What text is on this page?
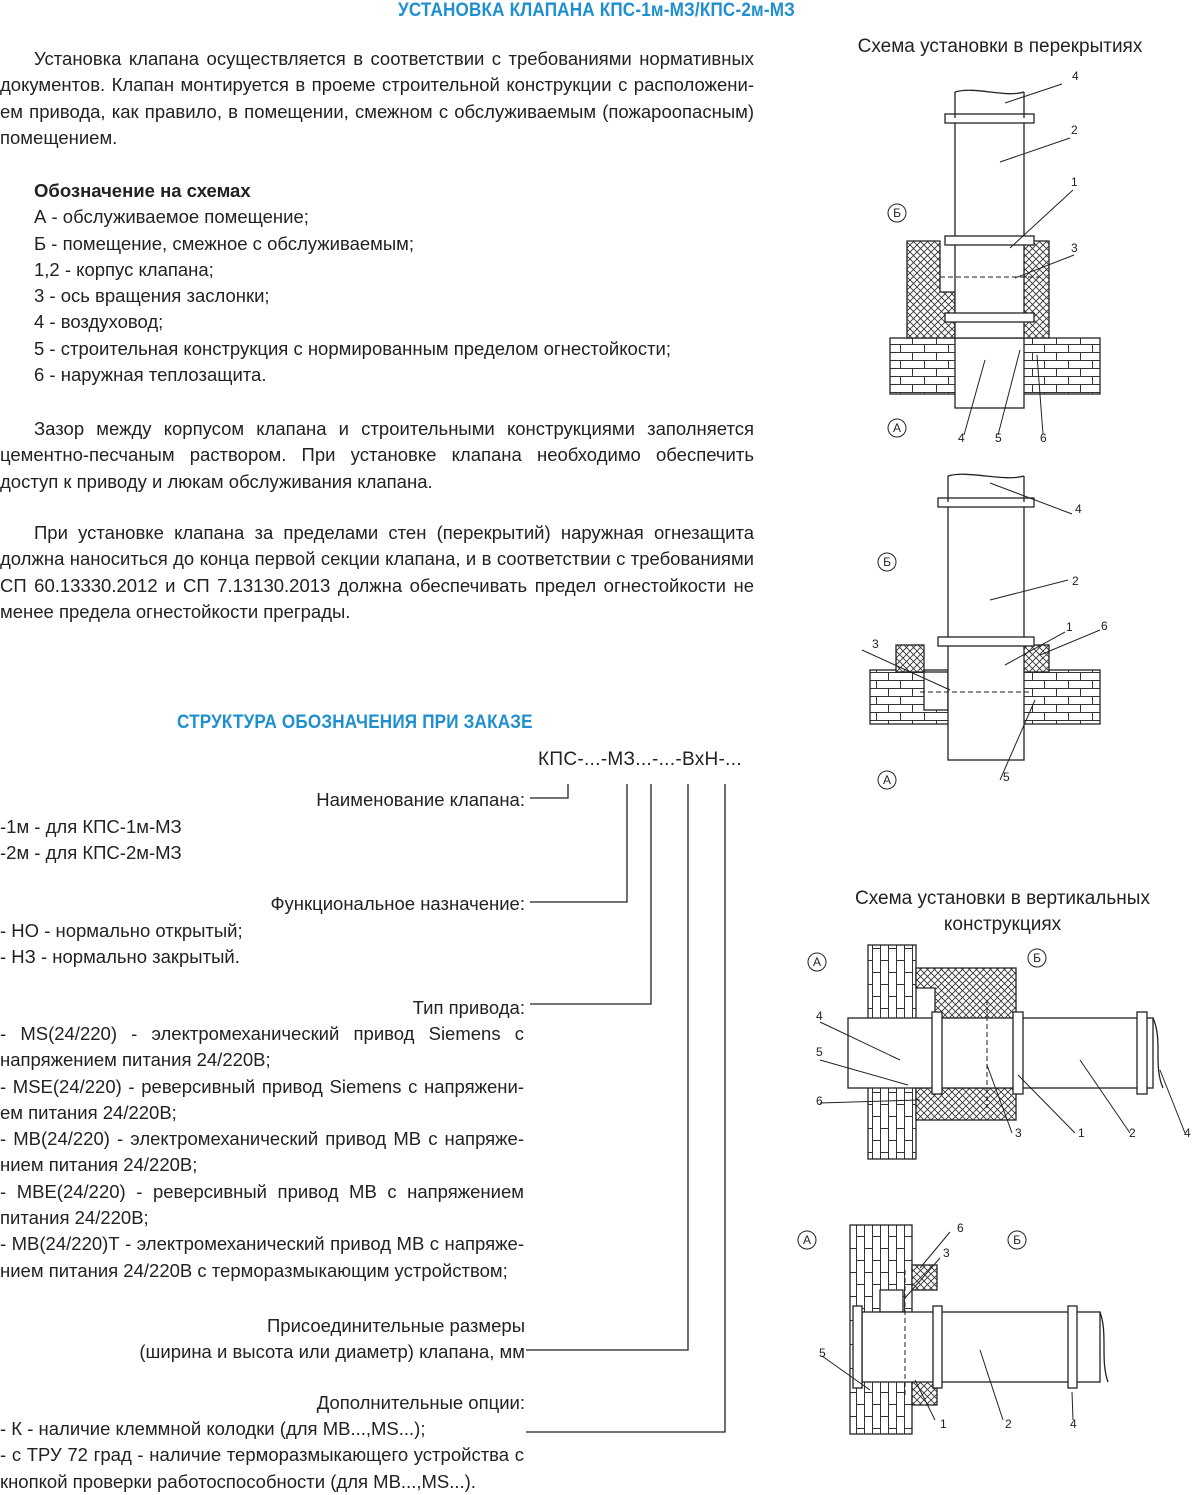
УСТАНОВКА КЛАПАНА КПС-1м-МЗ/КПС-2м-МЗ
Установка клапана осуществляется в соответствии с требованиями нормативных
документов. Клапан монтируется в проеме строительной конструкции с расположени-
ем привода, как правило, в помещении, смежном с обслуживаемым (пожароопасным)
помещением.
Обозначение на схемах
А - обслуживаемое помещение;
Б - помещение, смежное с обслуживаемым;
1,2 - корпус клапана;
3 - ось вращения заслонки;
4 - воздуховод;
5 - строительная конструкция с нормированным пределом огнестойкости;
6 - наружная теплозащита.
Зазор между корпусом клапана и строительными конструкциями заполняется
цементно-песчаным раствором. При установке клапана необходимо обеспечить
доступ к приводу и люкам обслуживания клапана.
При установке клапана за пределами стен (перекрытий) наружная огнезащита
должна наноситься до конца первой секции клапана, и в соответствии с требованиями
СП 60.13330.2012 и СП 7.13130.2013 должна обеспечивать предел огнестойкости не
менее предела огнестойкости преграды.
СТРУКТУРА ОБОЗНАЧЕНИЯ ПРИ ЗАКАЗЕ
КПС-...-МЗ...-...-ВхН-...
Наименование клапана:
-1м - для КПС-1м-МЗ
-2м - для КПС-2м-МЗ
Функциональное назначение:
- НО - нормально открытый;
- НЗ - нормально закрытый.
Тип привода:
- MS(24/220) - электромеханический привод Siemens с
напряжением питания 24/220В;
- MSE(24/220) - реверсивный привод Siemens с напряжени-
ем питания 24/220В;
- MB(24/220) - электромеханический привод MB с напряже-
нием питания 24/220В;
- MBE(24/220) - реверсивный привод MB с напряжением
питания 24/220В;
- MB(24/220)Т - электромеханический привод MB с напряже-
нием питания 24/220В с терморазмыкающим устройством;
Присоединительные размеры
(ширина и высота или диаметр) клапана, мм
Дополнительные опции:
- К - наличие клеммной колодки (для MB...,MS...);
- с ТРУ 72 град - наличие терморазмыкающего устройства с
кнопкой проверки работоспособности (для MB...,MS...).
Схема установки в перекрытиях
Схема установки в вертикальных
конструкциях
Б
А
Б
А
А	Б
А	Б
4
2
1
3
4	5	6
4
2
1 6
3
5
4
5
6
3	1	2	4
6
3
5
1	2	4
